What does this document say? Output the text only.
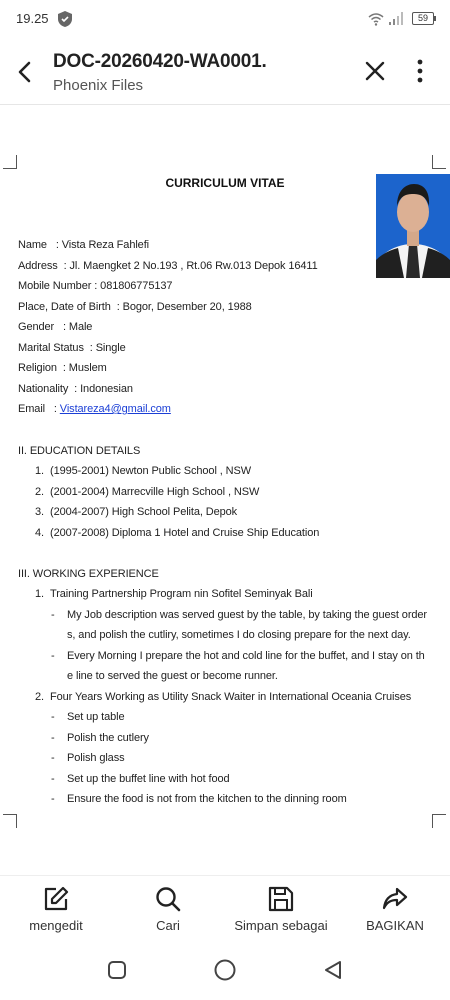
19.25	59
DOC-20260420-WA0001.
Phoenix Files
CURRICULUM VITAE
Name   : Vista Reza Fahlefi
Address  : Jl. Maengket 2 No.193 , Rt.06 Rw.013 Depok 16411
Mobile Number : 081806775137
Place, Date of Birth  : Bogor, Desember 20, 1988
Gender   : Male
Marital Status  : Single
Religion  : Muslem
Nationality  : Indonesian
Email   : Vistareza4@gmail.com
II. EDUCATION DETAILS
1. (1995-2001) Newton Public School , NSW
2. (2001-2004) Marrecville High School , NSW
3. (2004-2007) High School Pelita, Depok
4. (2007-2008) Diploma 1 Hotel and Cruise Ship Education
III. WORKING EXPERIENCE
1. Training Partnership Program nin Sofitel Seminyak Bali
- My Job description was served guest by the table, by taking the guest order
s, and polish the cutliry, sometimes I do closing prepare for the next day.
- Every Morning I prepare the hot and cold line for the buffet, and I stay on th
e line to served the guest or become runner.
2. Four Years Working as Utility Snack Waiter in International Oceania Cruises
- Set up table
- Polish the cutlery
- Polish glass
- Set up the buffet line with hot food
- Ensure the food is not from the kitchen to the dinning room
mengedit	Cari	Simpan sebagai	BAGIKAN
